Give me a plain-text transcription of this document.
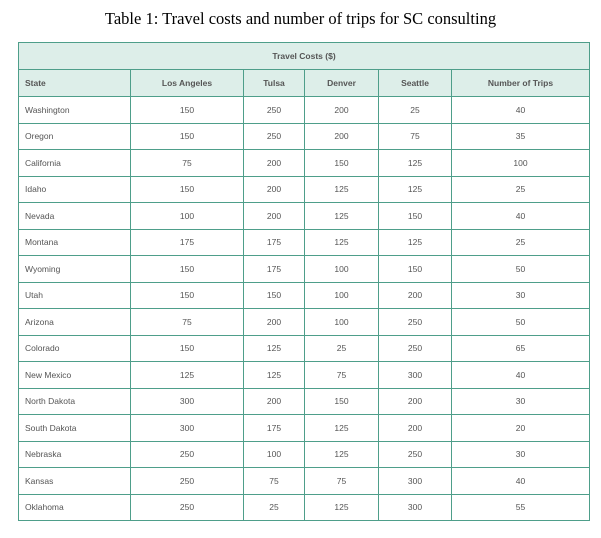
Table 1: Travel costs and number of trips for SC consulting
Travel Costs ($)					
State	Los Angeles	Tulsa	Denver	Seattle	Number of Trips
Washington	150	250	200	25	40
Oregon	150	250	200	75	35
California	75	200	150	125	100
Idaho	150	200	125	125	25
Nevada	100	200	125	150	40
Montana	175	175	125	125	25
Wyoming	150	175	100	150	50
Utah	150	150	100	200	30
Arizona	75	200	100	250	50
Colorado	150	125	25	250	65
New Mexico	125	125	75	300	40
North Dakota	300	200	150	200	30
South Dakota	300	175	125	200	20
Nebraska	250	100	125	250	30
Kansas	250	75	75	300	40
Oklahoma	250	25	125	300	55
